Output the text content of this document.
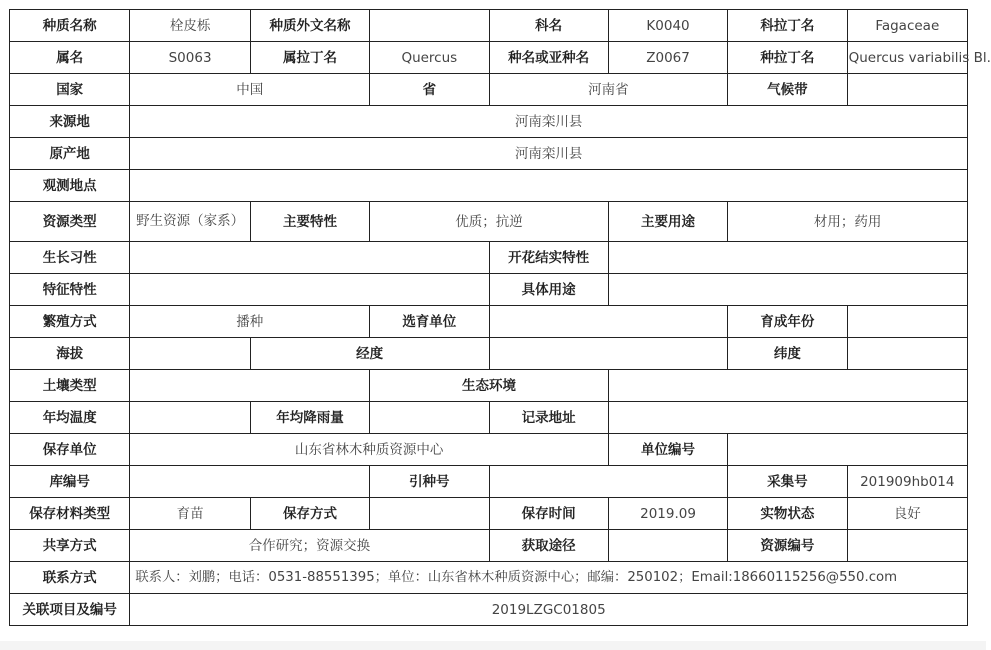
种质名称	栓皮栎	种质外文名称		科名	K0040	科拉丁名	Fagaceae
属名	S0063	属拉丁名	Quercus	种名或亚种名	Z0067	种拉丁名	Quercus variabilis Bl.
国家	中国		省	河南省		气候带	
来源地	河南栾川县						
原产地	河南栾川县						
观测地点							
资源类型	野生资源（家系）	主要特性	优质；抗逆		主要用途	材用；药用	
生长习性				开花结实特性			
特征特性				具体用途			
繁殖方式	播种		选育单位			育成年份	
海拔		经度				纬度	
土壤类型			生态环境				
年均温度		年均降雨量		记录地址			
保存单位	山东省林木种质资源中心				单位编号		
库编号			引种号			采集号	201909hb014
保存材料类型	育苗	保存方式		保存时间	2019.09	实物状态	良好
共享方式	合作研究；资源交换			获取途径		资源编号	
联系方式	联系人：刘鹏；电话：0531-88551395；单位：山东省林木种质资源中心；邮编：250102；Email:18660115256@550.com						
关联项目及编号	2019LZGC01805						
